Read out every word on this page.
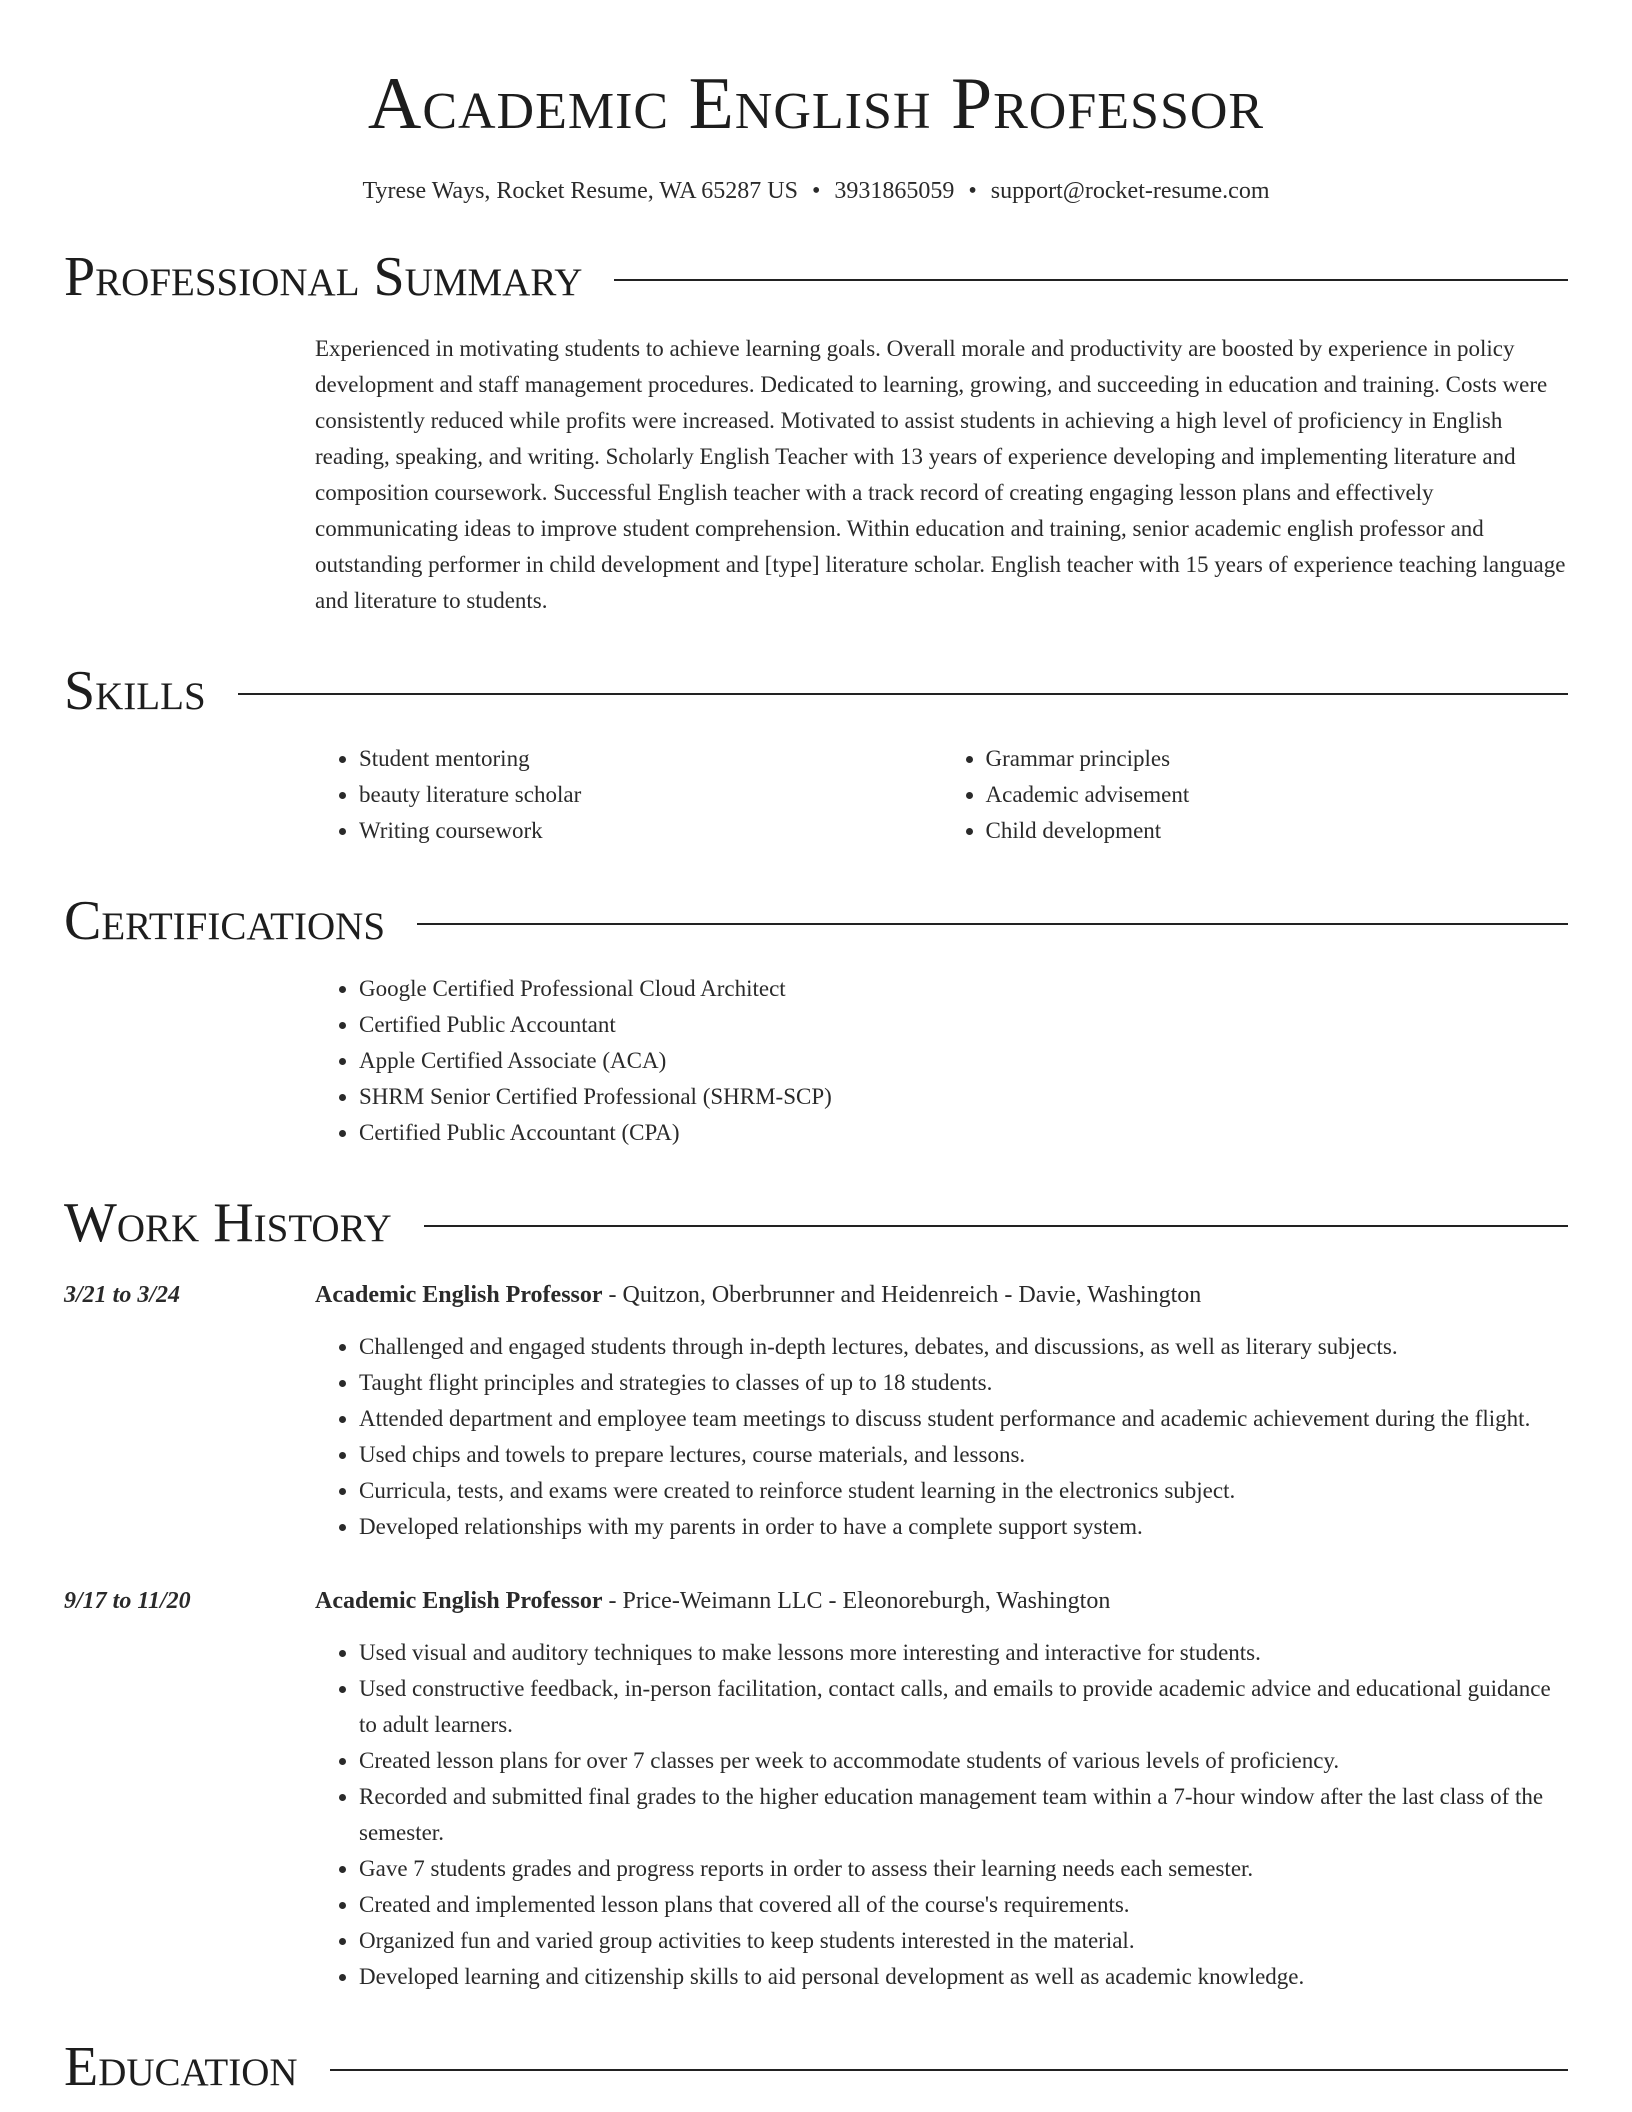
Academic English Professor
Tyrese Ways, Rocket Resume, WA 65287 US • 3931865059 • support@rocket-resume.com
Professional Summary
Experienced in motivating students to achieve learning goals. Overall morale and productivity are boosted by experience in policy development and staff management procedures. Dedicated to learning, growing, and succeeding in education and training. Costs were consistently reduced while profits were increased. Motivated to assist students in achieving a high level of proficiency in English reading, speaking, and writing. Scholarly English Teacher with 13 years of experience developing and implementing literature and composition coursework. Successful English teacher with a track record of creating engaging lesson plans and effectively communicating ideas to improve student comprehension. Within education and training, senior academic english professor and outstanding performer in child development and [type] literature scholar. English teacher with 15 years of experience teaching language and literature to students.
Skills
• Student mentoring
• beauty literature scholar
• Writing coursework
• Grammar principles
• Academic advisement
• Child development
Certifications
• Google Certified Professional Cloud Architect
• Certified Public Accountant
• Apple Certified Associate (ACA)
• SHRM Senior Certified Professional (SHRM-SCP)
• Certified Public Accountant (CPA)
Work History
3/21 to 3/24	Academic English Professor - Quitzon, Oberbrunner and Heidenreich - Davie, Washington
• Challenged and engaged students through in-depth lectures, debates, and discussions, as well as literary subjects.
• Taught flight principles and strategies to classes of up to 18 students.
• Attended department and employee team meetings to discuss student performance and academic achievement during the flight.
• Used chips and towels to prepare lectures, course materials, and lessons.
• Curricula, tests, and exams were created to reinforce student learning in the electronics subject.
• Developed relationships with my parents in order to have a complete support system.
9/17 to 11/20	Academic English Professor - Price-Weimann LLC - Eleonoreburgh, Washington
• Used visual and auditory techniques to make lessons more interesting and interactive for students.
• Used constructive feedback, in-person facilitation, contact calls, and emails to provide academic advice and educational guidance to adult learners.
• Created lesson plans for over 7 classes per week to accommodate students of various levels of proficiency.
• Recorded and submitted final grades to the higher education management team within a 7-hour window after the last class of the semester.
• Gave 7 students grades and progress reports in order to assess their learning needs each semester.
• Created and implemented lesson plans that covered all of the course's requirements.
• Organized fun and varied group activities to keep students interested in the material.
• Developed learning and citizenship skills to aid personal development as well as academic knowledge.
Education
